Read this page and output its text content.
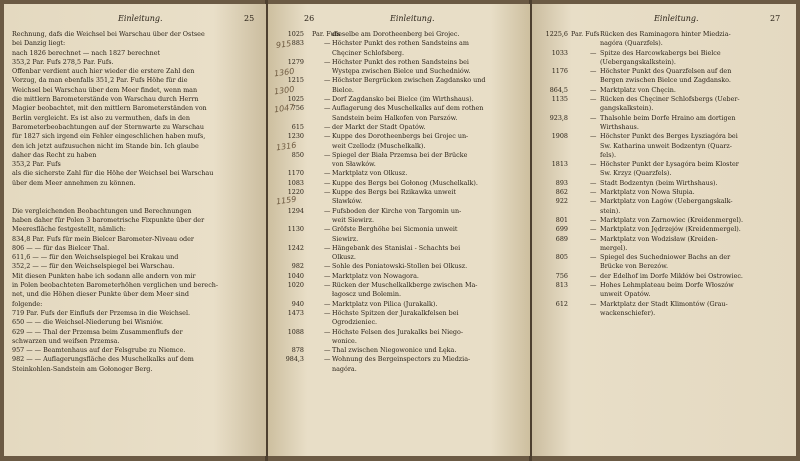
Einleitung.	25
Rechnung, dafs die Weichsel bei Warschau über der Ostsee
bei Danzig liegt:
nach 1826 berechnet — nach 1827 berechnet
353,2 Par. Fufs 278,5 Par. Fufs.
Offenbar verdient auch hier wieder die erstere Zahl den
Vorzug, da man ebenfalls 351,2 Par. Fufs Höhe für die
Weichsel bei Warschau über dem Meer findet, wenn man
die mittlern Barometerstände von Warschau durch Herrn
Magier beobachtet, mit den mittlern Barometerständen von
Berlin vergleicht. Es ist also zu vermuthen, dafs in den
Barometerbeobachtungen auf der Sternwarte zu Warschau
für 1827 sich irgend ein Fehler eingeschlichen haben mufs,
den ich jetzt aufzusuchen nicht im Stande bin. Ich glaube
daher das Recht zu haben
353,2 Par. Fufs
als die sicherste Zahl für die Höhe der Weichsel bei Warschau
über dem Meer annehmen zu können.

Die vergleichenden Beobachtungen und Berechnungen
haben daher für Polen 3 barometrische Fixpunkte über der
Meeresfläche festgestellt, nämlich:
834,8 Par. Fufs für mein Bielcer Barometer-Niveau oder
806 — — für das Bielcer Thal.
611,6 — — für den Weichselspiegel bei Krakau und
352,2 — — für den Weichselspiegel bei Warschau.
Mit diesen Punkten habe ich sodann alle andern von mir
in Polen beobachteten Barometerhöhen verglichen und berech-
net, und die Höhen dieser Punkte über dem Meer sind
folgende:
719 Par. Fufs der Einflufs der Przemsa in die Weichsel.
650 — — die Weichsel-Niederung bei Wisniów.
629 — — Thal der Przemsa beim Zusammenflufs der
schwarzen und weifsen Przemsa.
957 — — Beamtenhaus auf der Felsgrube zu Niemce.
982 — — Auflagerungsfläche des Muschelkalks auf dem
Steinkohlen-Sandstein am Gołonoger Berg.
26	Einleitung.
1025 Par. Fufs
dieselbe am Dorotheenberg bei Grojec.
883	— Höchster Punkt des rothen Sandsteins am
Chęciner Schlofsberg.
1279	— Höchster Punkt des rothen Sandsteins bei
Występa zwischen Bielce und Suchedniów.
1215	— Höchster Bergrücken zwischen Zagdansko und
Bielce.
1025	— Dorf Zagdansko bei Bielce (im Wirthshaus).
756	— Auflagerung des Muschelkalks auf dem rothen
Sandstein beim Halkofen von Parszów.
615	— der Markt der Stadt Opatów.
1230	— Kuppe des Dorotheenbergs bei Grojec un-
weit Czellodz (Muschelkalk).
850	— Spiegel der Biała Przemsa bei der Brücke
von Sławków.
1170	— Marktplatz von Olkusz.
1083	— Kuppe des Bergs bei Gołonog (Muschelkalk).
1220	— Kuppe des Bergs bei Rzikawka unweit
Sławków.
1294	— Fufsboden der Kirche von Targomin un-
weit Siewirz.
1130	— Gröfste Berghöhe bei Sicmonia unweit
Siewirz.
1242	— Hängebank des Stanislai - Schachts bei
Olkusz.
982	— Sohle des Poniatowski-Stollen bei Olkusz.
1040	— Marktplatz von Nowagora.
1020	— Rücken der Muschelkalkberge zwischen Ma-
łagoscz und Bolemin.
940	— Marktplatz von Pilica (Jurakalk).
1473	— Höchste Spitzen der Jurakalkfelsen bei
Ogrodzieniec.
1088	— Höchste Felsen des Jurakalks bei Niego-
wonice.
878	— Thal zwischen Niegowonice und Łęka.
984,3	— Wohnung des Bergeinspectors zu Miedzia-
nagóra.
Einleitung.	27
1225,6 Par. Fufs Rücken des Raminagora hinter Miedzia-
nagóra (Quarzfels).
1033	— Spitze des Harcowkabergs bei Bielce
(Uebergangskalkstein).
1176	— Höchster Punkt des Quarzfelsen auf den
Bergen zwischen Bielce und Zagdansko.
864,5	— Marktplatz von Chęcin.
1135	— Rücken des Chęciner Schlofsbergs (Ueber-
gangskalkstein).
923,8	— Thalsohle beim Dorfe Hraino am dortigen
Wirthshaus.
1908	— Höchster Punkt des Berges Łysziagóra bei
Sw. Katharina unweit Bodzentyn (Quarz-
fels).
1813	— Höchster Punkt der Łysagóra beim Kloster
Sw. Krzyz (Quarzfels).
893	— Stadt Bodzentyn (beim Wirthshaus).
862	— Marktplatz von Nowa Słupia.
922	— Marktplatz von Łagów (Uebergangskalk-
stein).
801	— Marktplatz von Zarnowiec (Kreidenmergel).
699	— Marktplatz von Jędrzejów (Kreidenmergel).
689	— Marktplatz von Wodzisław (Kreiden-
mergel).
805	— Spiegel des Suchedniower Bachs an der
Brücke von Berezów.
756	— der Edelhof im Dorfe Mikłów bei Ostrowiec.
813	— Hohes Lehmplateau beim Dorfe Włoszów
unweit Opatów.
612	— Marktplatz der Stadt Klimontów (Grau-
wackenschiefer).
915
1360
1300
1047
1316
1159
